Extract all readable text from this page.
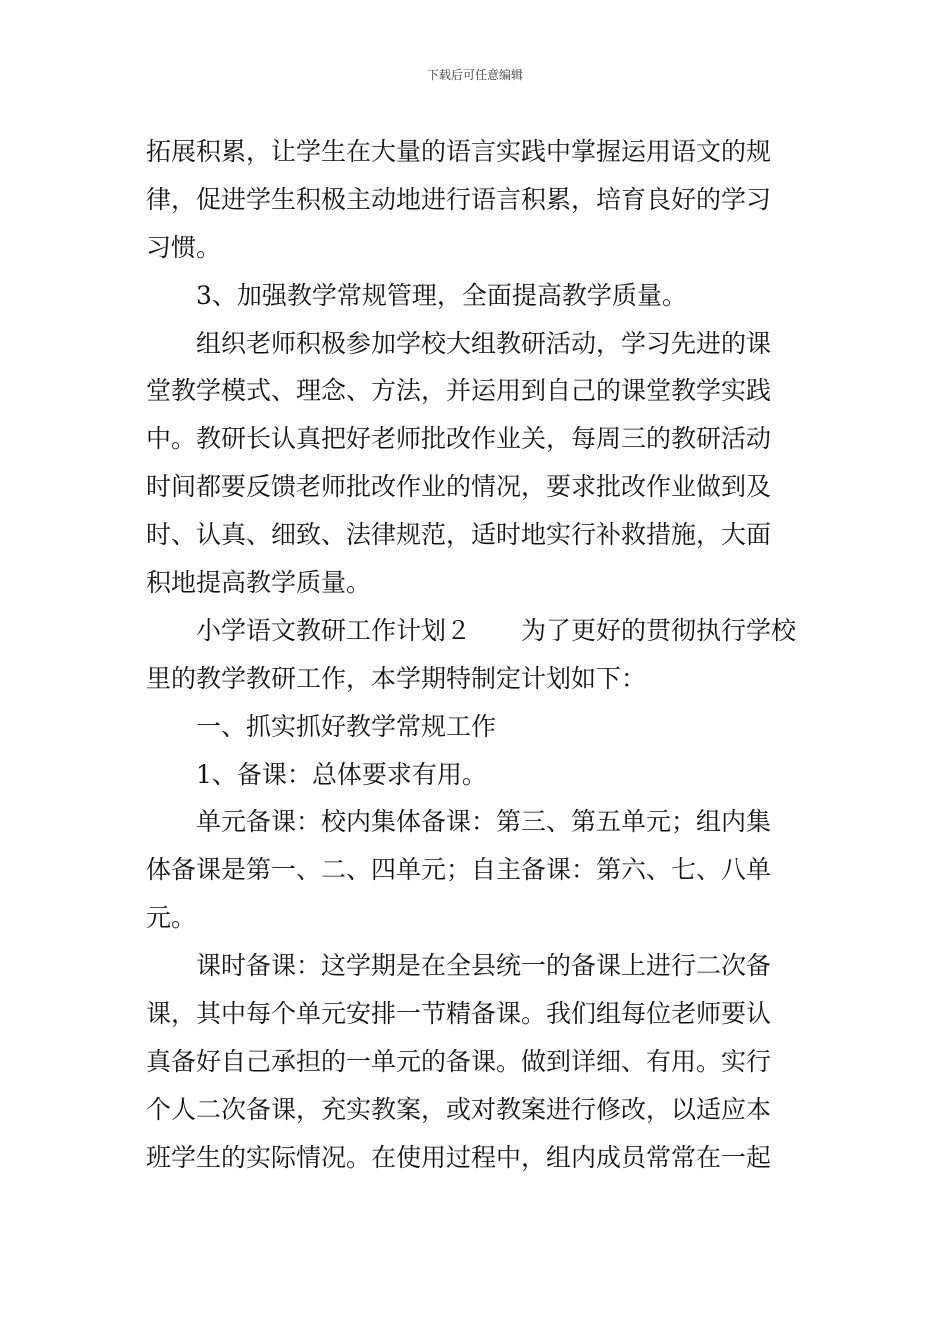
下载后可任意编辑
拓展积累，让学生在大量的语言实践中掌握运用语文的规
律，促进学生积极主动地进行语言积累，培育良好的学习
习惯。
3、加强教学常规管理，全面提高教学质量。
组织老师积极参加学校大组教研活动，学习先进的课
堂教学模式、理念、方法，并运用到自己的课堂教学实践
中。教研长认真把好老师批改作业关，每周三的教研活动
时间都要反馈老师批改作业的情况，要求批改作业做到及
时、认真、细致、法律规范，适时地实行补救措施，大面
积地提高教学质量。
小学语文教研工作计划２　　为了更好的贯彻执行学校
里的教学教研工作，本学期特制定计划如下：
一、抓实抓好教学常规工作
1、备课：总体要求有用。
单元备课：校内集体备课：第三、第五单元；组内集
体备课是第一、二、四单元；自主备课：第六、七、八单
元。
课时备课：这学期是在全县统一的备课上进行二次备
课，其中每个单元安排一节精备课。我们组每位老师要认
真备好自己承担的一单元的备课。做到详细、有用。实行
个人二次备课，充实教案，或对教案进行修改，以适应本
班学生的实际情况。在使用过程中，组内成员常常在一起
